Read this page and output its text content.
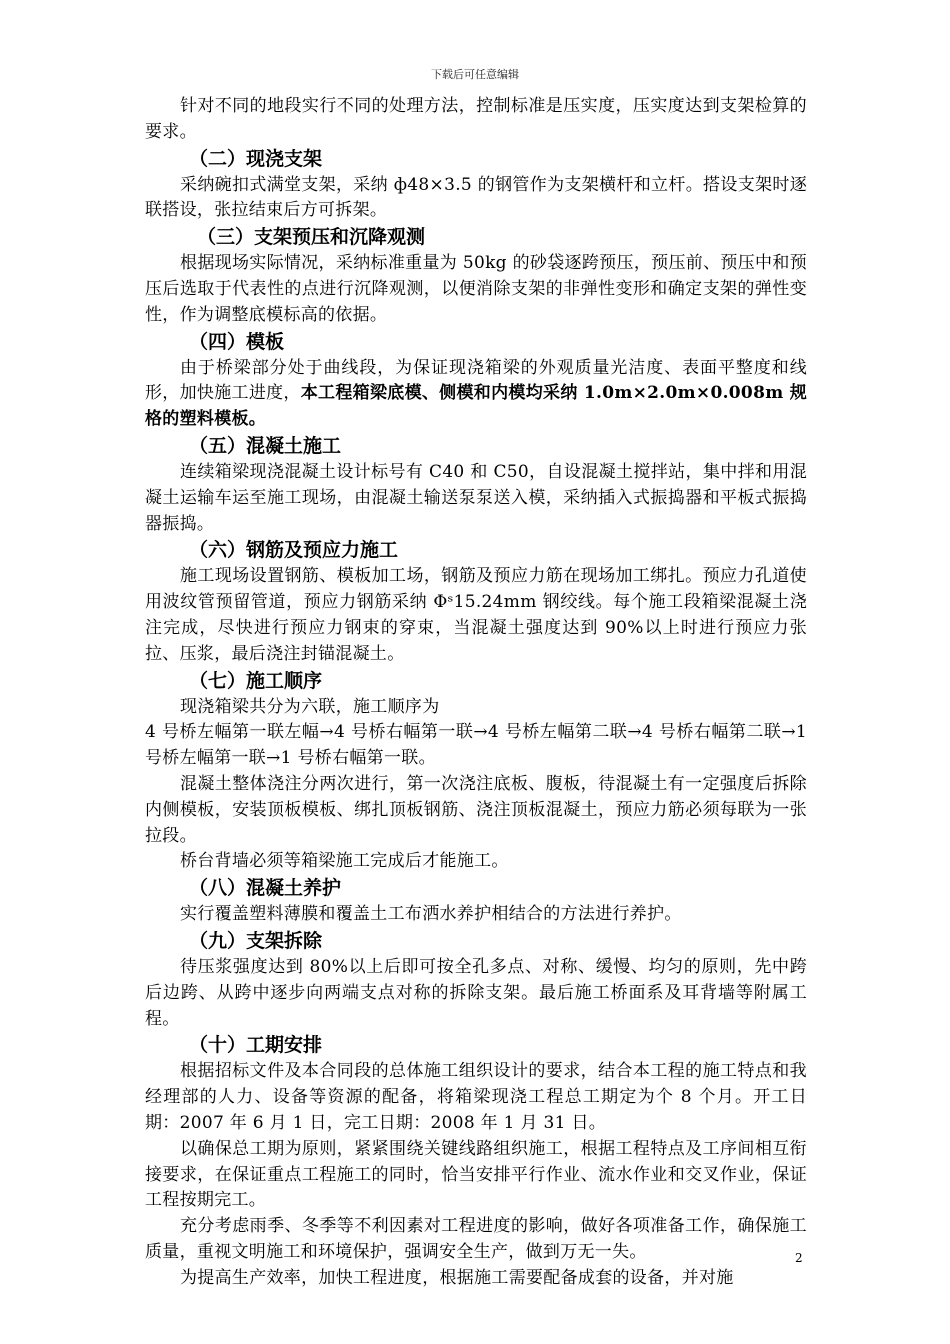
下载后可任意编辑

针对不同的地段实行不同的处理方法，控制标准是压实度，压实度达到支架检算的要求。

（二）现浇支架

采纳碗扣式满堂支架，采纳 ф48×3.5 的钢管作为支架横杆和立杆。搭设支架时逐联搭设，张拉结束后方可拆架。

（三）支架预压和沉降观测

根据现场实际情况，采纳标准重量为 50kg 的砂袋逐跨预压，预压前、预压中和预压后选取于代表性的点进行沉降观测，以便消除支架的非弹性变形和确定支架的弹性变性，作为调整底模标高的依据。

（四）模板

由于桥梁部分处于曲线段，为保证现浇箱梁的外观质量光洁度、表面平整度和线形，加快施工进度，本工程箱梁底模、侧模和内模均采纳 1.0m×2.0m×0.008m 规格的塑料模板。

（五）混凝土施工

连续箱梁现浇混凝土设计标号有 C40 和 C50，自设混凝土搅拌站，集中拌和用混凝土运输车运至施工现场，由混凝土输送泵泵送入模，采纳插入式振捣器和平板式振捣器振捣。

（六）钢筋及预应力施工

施工现场设置钢筋、模板加工场，钢筋及预应力筋在现场加工绑扎。预应力孔道使用波纹管预留管道，预应力钢筋采纳 Φˢ15.24mm 钢绞线。每个施工段箱梁混凝土浇注完成，尽快进行预应力钢束的穿束，当混凝土强度达到 90%以上时进行预应力张拉、压浆，最后浇注封锚混凝土。

（七）施工顺序

现浇箱梁共分为六联，施工顺序为

4 号桥左幅第一联左幅→4 号桥右幅第一联→4 号桥左幅第二联→4 号桥右幅第二联→1 号桥左幅第一联→1 号桥右幅第一联。

混凝土整体浇注分两次进行，第一次浇注底板、腹板，待混凝土有一定强度后拆除内侧模板，安装顶板模板、绑扎顶板钢筋、浇注顶板混凝土，预应力筋必须每联为一张拉段。

桥台背墙必须等箱梁施工完成后才能施工。

（八）混凝土养护

实行覆盖塑料薄膜和覆盖土工布洒水养护相结合的方法进行养护。

（九）支架拆除

待压浆强度达到 80%以上后即可按全孔多点、对称、缓慢、均匀的原则，先中跨后边跨、从跨中逐步向两端支点对称的拆除支架。最后施工桥面系及耳背墙等附属工程。

（十）工期安排

根据招标文件及本合同段的总体施工组织设计的要求，结合本工程的施工特点和我经理部的人力、设备等资源的配备，将箱梁现浇工程总工期定为个 8 个月。开工日期：2007 年 6 月 1 日，完工日期：2008 年 1 月 31 日。

以确保总工期为原则，紧紧围绕关键线路组织施工，根据工程特点及工序间相互衔接要求，在保证重点工程施工的同时，恰当安排平行作业、流水作业和交叉作业，保证工程按期完工。

充分考虑雨季、冬季等不利因素对工程进度的影响，做好各项准备工作，确保施工质量，重视文明施工和环境保护，强调安全生产，做到万无一失。

为提高生产效率，加快工程进度，根据施工需要配备成套的设备，并对施

2
